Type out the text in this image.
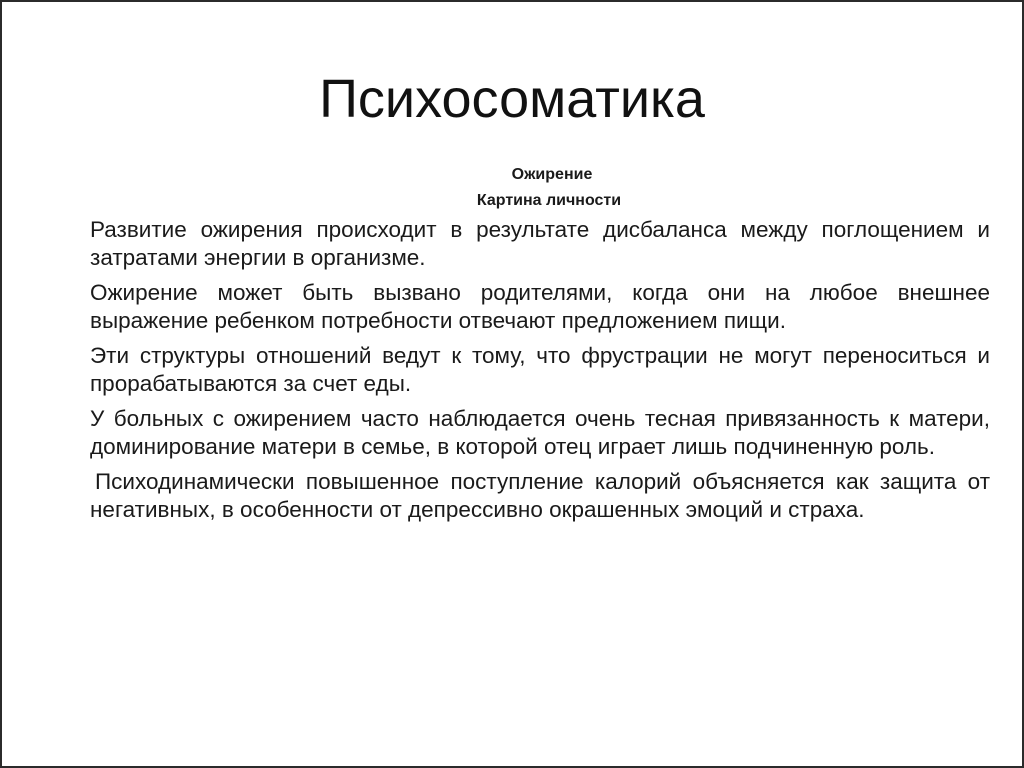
Психосоматика
Ожирение
Картина личности

Развитие ожирения происходит в результате дисбаланса между поглощением и затратами энергии в организме.

Ожирение может быть вызвано родителями, когда они на любое внешнее выражение ребенком потребности отвечают предложением пищи.

Эти структуры отношений ведут к тому, что фрустрации не могут переноситься и прорабатываются за счет еды.

У больных с ожирением часто наблюдается очень тесная привязанность к матери, доминирование матери в семье, в которой отец играет лишь подчиненную роль.

Психодинамически повышенное поступление калорий объясняется как защита от негативных, в особенности от депрессивно окрашенных эмоций и страха.
